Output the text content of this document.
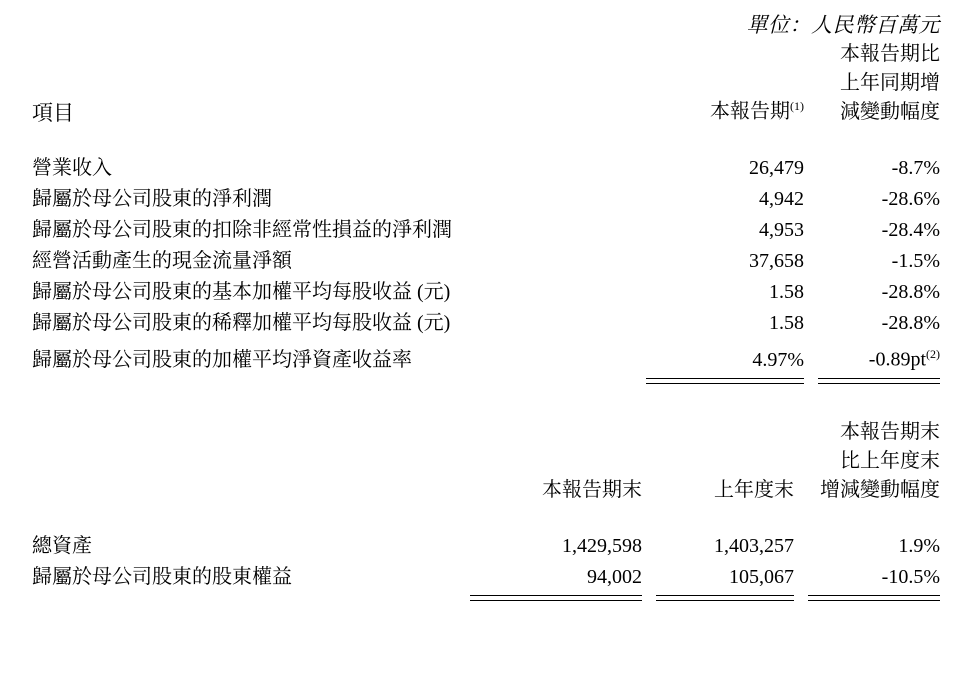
單位：人民幣百萬元
項目	本報告期$^{(1)}$	本報告期比
上年同期增
減變動幅度

營業收入	26,479	-8.7%
歸屬於母公司股東的淨利潤	4,942	-28.6%
歸屬於母公司股東的扣除非經常性損益的淨利潤	4,953	-28.4%
經營活動產生的現金流量淨額	37,658	-1.5%
歸屬於母公司股東的基本加權平均每股收益 (元)	1.58	-28.8%
歸屬於母公司股東的稀釋加權平均每股收益 (元)	1.58	-28.8%
歸屬於母公司股東的加權平均淨資產收益率	4.97%	$-0.89pt^{(2)}$

	本報告期末	上年度末	本報告期末
比上年度末
增減變動幅度

總資產	1,429,598	1,403,257	1.9%
歸屬於母公司股東的股東權益	94,002	105,067	-10.5%
